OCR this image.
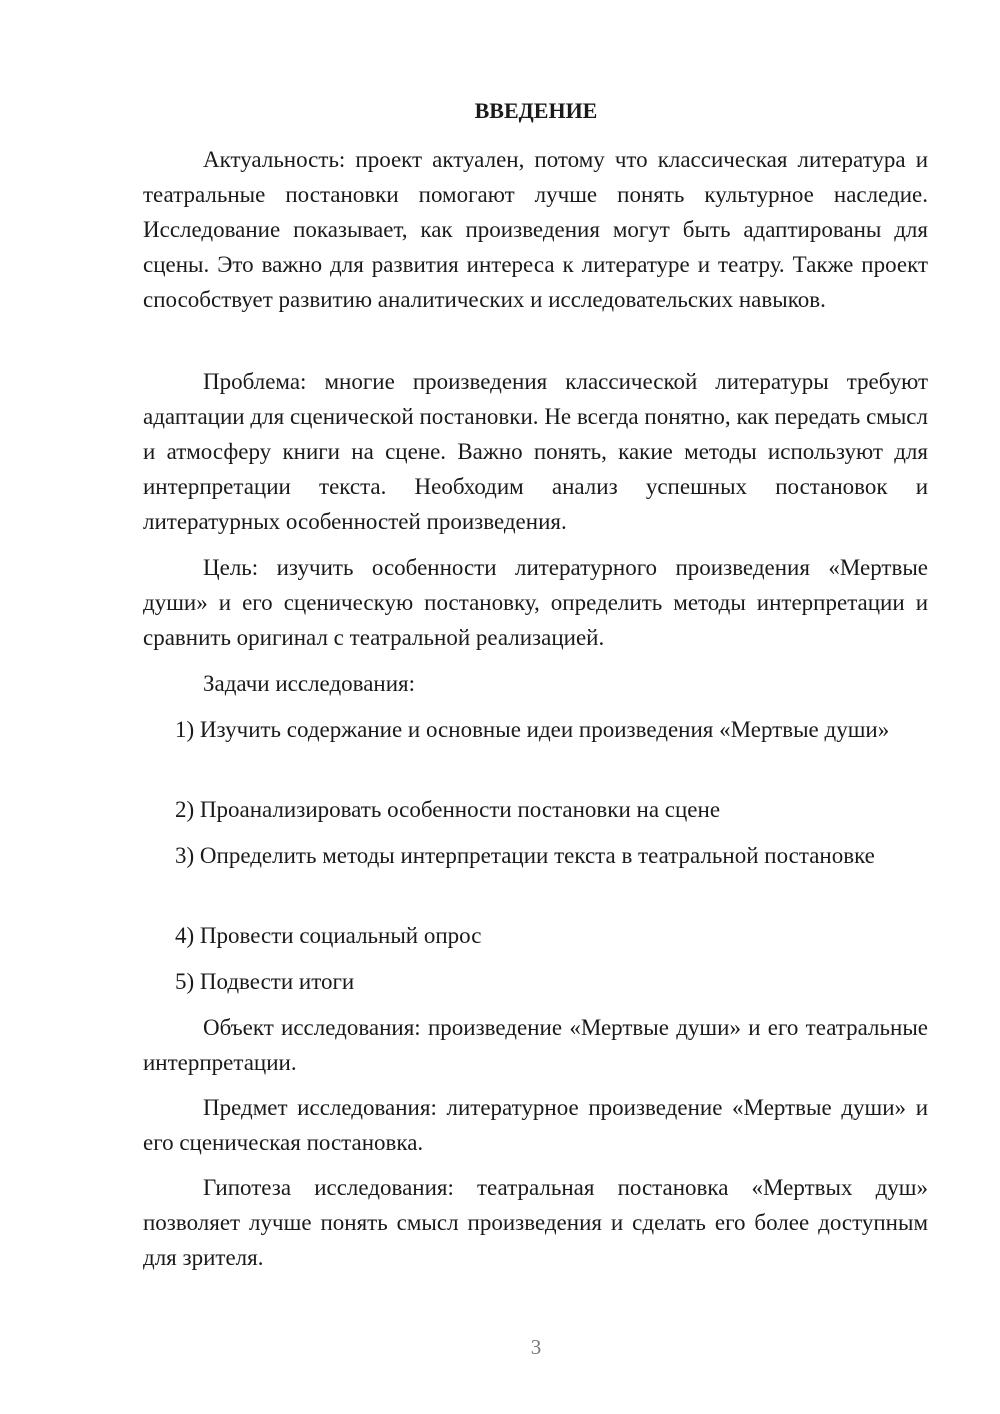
ВВЕДЕНИЕ

Актуальность: проект актуален, потому что классическая литература и театральные постановки помогают лучше понять культурное наследие. Исследование показывает, как произведения могут быть адаптированы для сцены. Это важно для развития интереса к литературе и театру. Также проект способствует развитию аналитических и исследовательских навыков.

Проблема: многие произведения классической литературы требуют адаптации для сценической постановки. Не всегда понятно, как передать смысл и атмосферу книги на сцене. Важно понять, какие методы используют для интерпретации текста. Необходим анализ успешных постановок и литературных особенностей произведения.

Цель: изучить особенности литературного произведения «Мертвые души» и его сценическую постановку, определить методы интерпретации и сравнить оригинал с театральной реализацией.

Задачи исследования:

1) Изучить содержание и основные идеи произведения «Мертвые души»

2) Проанализировать особенности постановки на сцене

3) Определить методы интерпретации текста в театральной постановке

4) Провести социальный опрос

5) Подвести итоги

Объект исследования: произведение «Мертвые души» и его театральные интерпретации.

Предмет исследования: литературное произведение «Мертвые души» и его сценическая постановка.

Гипотеза исследования: театральная постановка «Мертвых душ» позволяет лучше понять смысл произведения и сделать его более доступным для зрителя.

3
